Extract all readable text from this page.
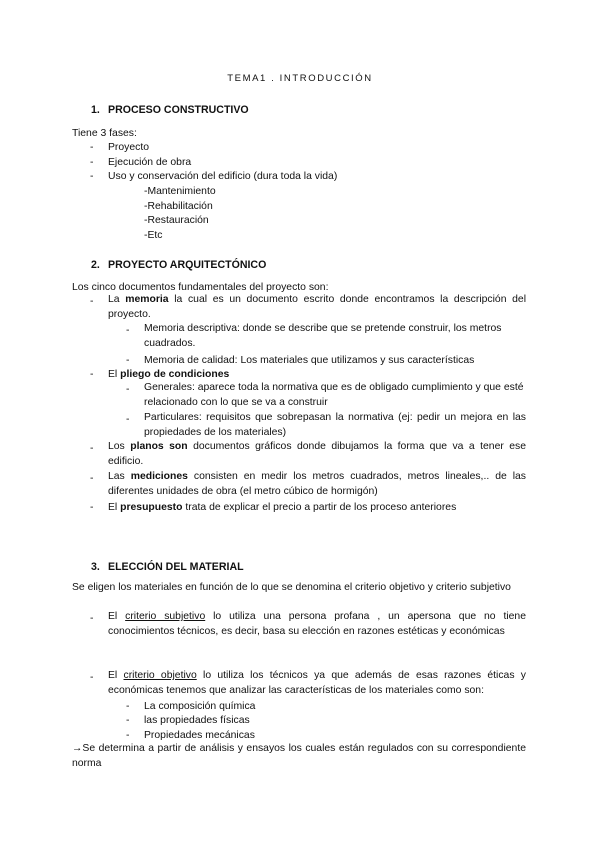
TEMA1 . INTRODUCCIÓN
1. PROCESO CONSTRUCTIVO
Tiene 3 fases:
- Proyecto
- Ejecución de obra
- Uso y conservación del edificio (dura toda la vida)
-Mantenimiento
-Rehabilitación
-Restauración
-Etc
2. PROYECTO ARQUITECTÓNICO
Los cinco documentos fundamentales del proyecto son:
- La memoria la cual es un documento escrito donde encontramos la descripción del proyecto.
- Memoria descriptiva: donde se describe que se pretende construir, los metros cuadrados.
- Memoria de calidad: Los materiales que utilizamos y sus características
- El pliego de condiciones
- Generales: aparece toda la normativa que es de obligado cumplimiento y que esté relacionado con lo que se va a construir
- Particulares: requisitos que sobrepasan la normativa (ej: pedir un mejora en las propiedades de los materiales)
- Los planos son documentos gráficos donde dibujamos la forma que va a tener ese edificio.
- Las mediciones consisten en medir los metros cuadrados, metros lineales,.. de las diferentes unidades de obra (el metro cúbico de hormigón)
- El presupuesto trata de explicar el precio a partir de los proceso anteriores
3. ELECCIÓN DEL MATERIAL
Se eligen los materiales en función de lo que se denomina el criterio objetivo y criterio subjetivo
- El criterio subjetivo lo utiliza una persona profana , un apersona que no tiene conocimientos técnicos, es decir, basa su elección en razones estéticas y económicas
- El criterio objetivo lo utiliza los técnicos ya que además de esas razones éticas y económicas tenemos que analizar las características de los materiales como son:
- La composición química
- las propiedades físicas
- Propiedades mecánicas
→Se determina a partir de análisis y ensayos los cuales están regulados con su correspondiente norma
